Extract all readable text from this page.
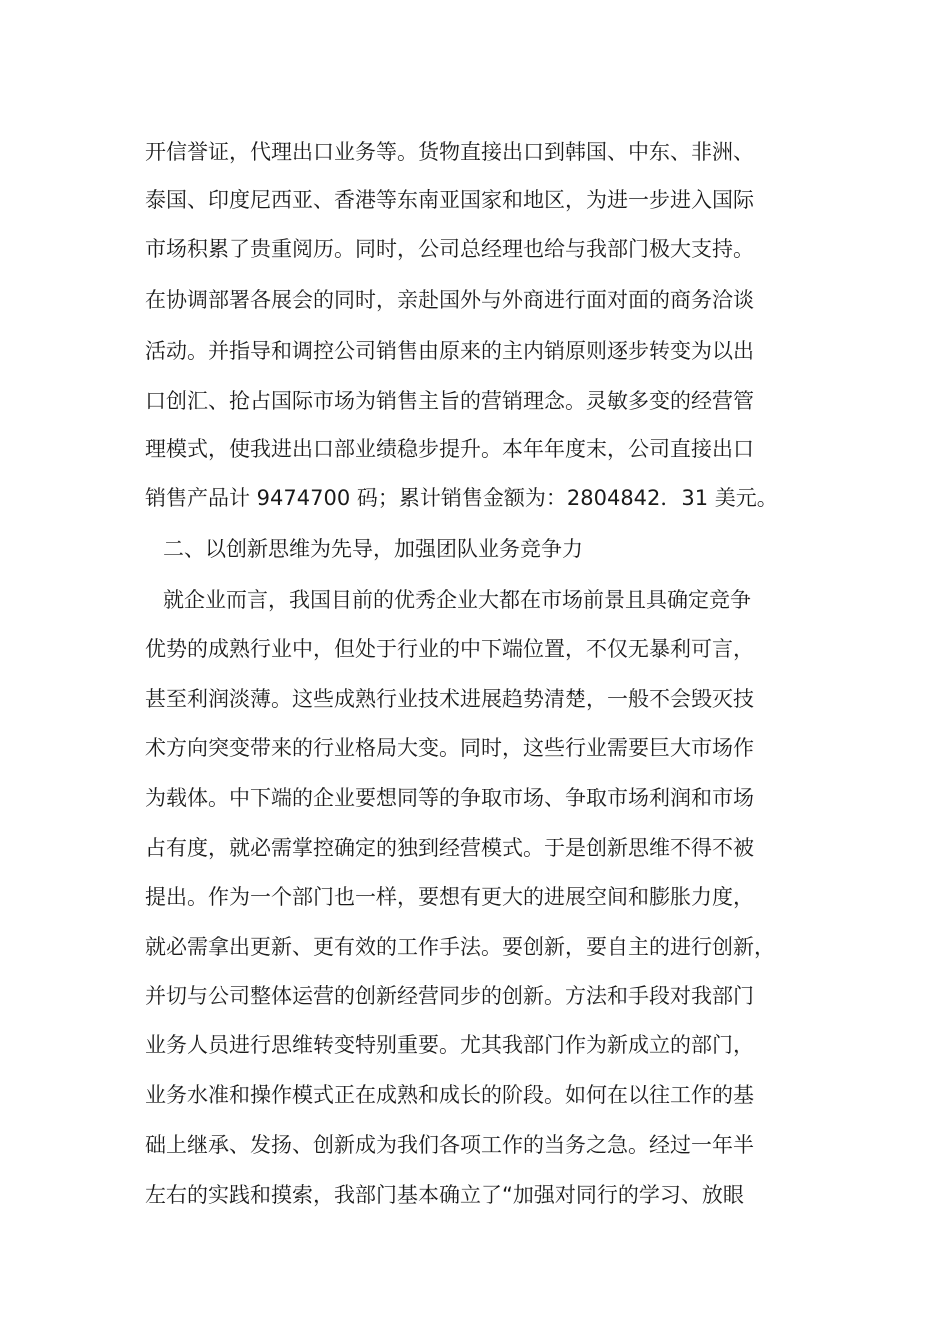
开信誉证，代理出口业务等。货物直接出口到韩国、中东、非洲、
泰国、印度尼西亚、香港等东南亚国家和地区，为进一步进入国际
市场积累了贵重阅历。同时，公司总经理也给与我部门极大支持。
在协调部署各展会的同时，亲赴国外与外商进行面对面的商务洽谈
活动。并指导和调控公司销售由原来的主内销原则逐步转变为以出
口创汇、抢占国际市场为销售主旨的营销理念。灵敏多变的经营管
理模式，使我进出口部业绩稳步提升。本年年度末，公司直接出口
销售产品计 9474700 码；累计销售金额为：2804842．31 美元。
二、以创新思维为先导，加强团队业务竞争力
就企业而言，我国目前的优秀企业大都在市场前景且具确定竞争
优势的成熟行业中，但处于行业的中下端位置，不仅无暴利可言，
甚至利润淡薄。这些成熟行业技术进展趋势清楚，一般不会毁灭技
术方向突变带来的行业格局大变。同时，这些行业需要巨大市场作
为载体。中下端的企业要想同等的争取市场、争取市场利润和市场
占有度，就必需掌控确定的独到经营模式。于是创新思维不得不被
提出。作为一个部门也一样，要想有更大的进展空间和膨胀力度，
就必需拿出更新、更有效的工作手法。要创新，要自主的进行创新，
并切与公司整体运营的创新经营同步的创新。方法和手段对我部门
业务人员进行思维转变特别重要。尤其我部门作为新成立的部门，
业务水准和操作模式正在成熟和成长的阶段。如何在以往工作的基
础上继承、发扬、创新成为我们各项工作的当务之急。经过一年半
左右的实践和摸索，我部门基本确立了“加强对同行的学习、放眼
